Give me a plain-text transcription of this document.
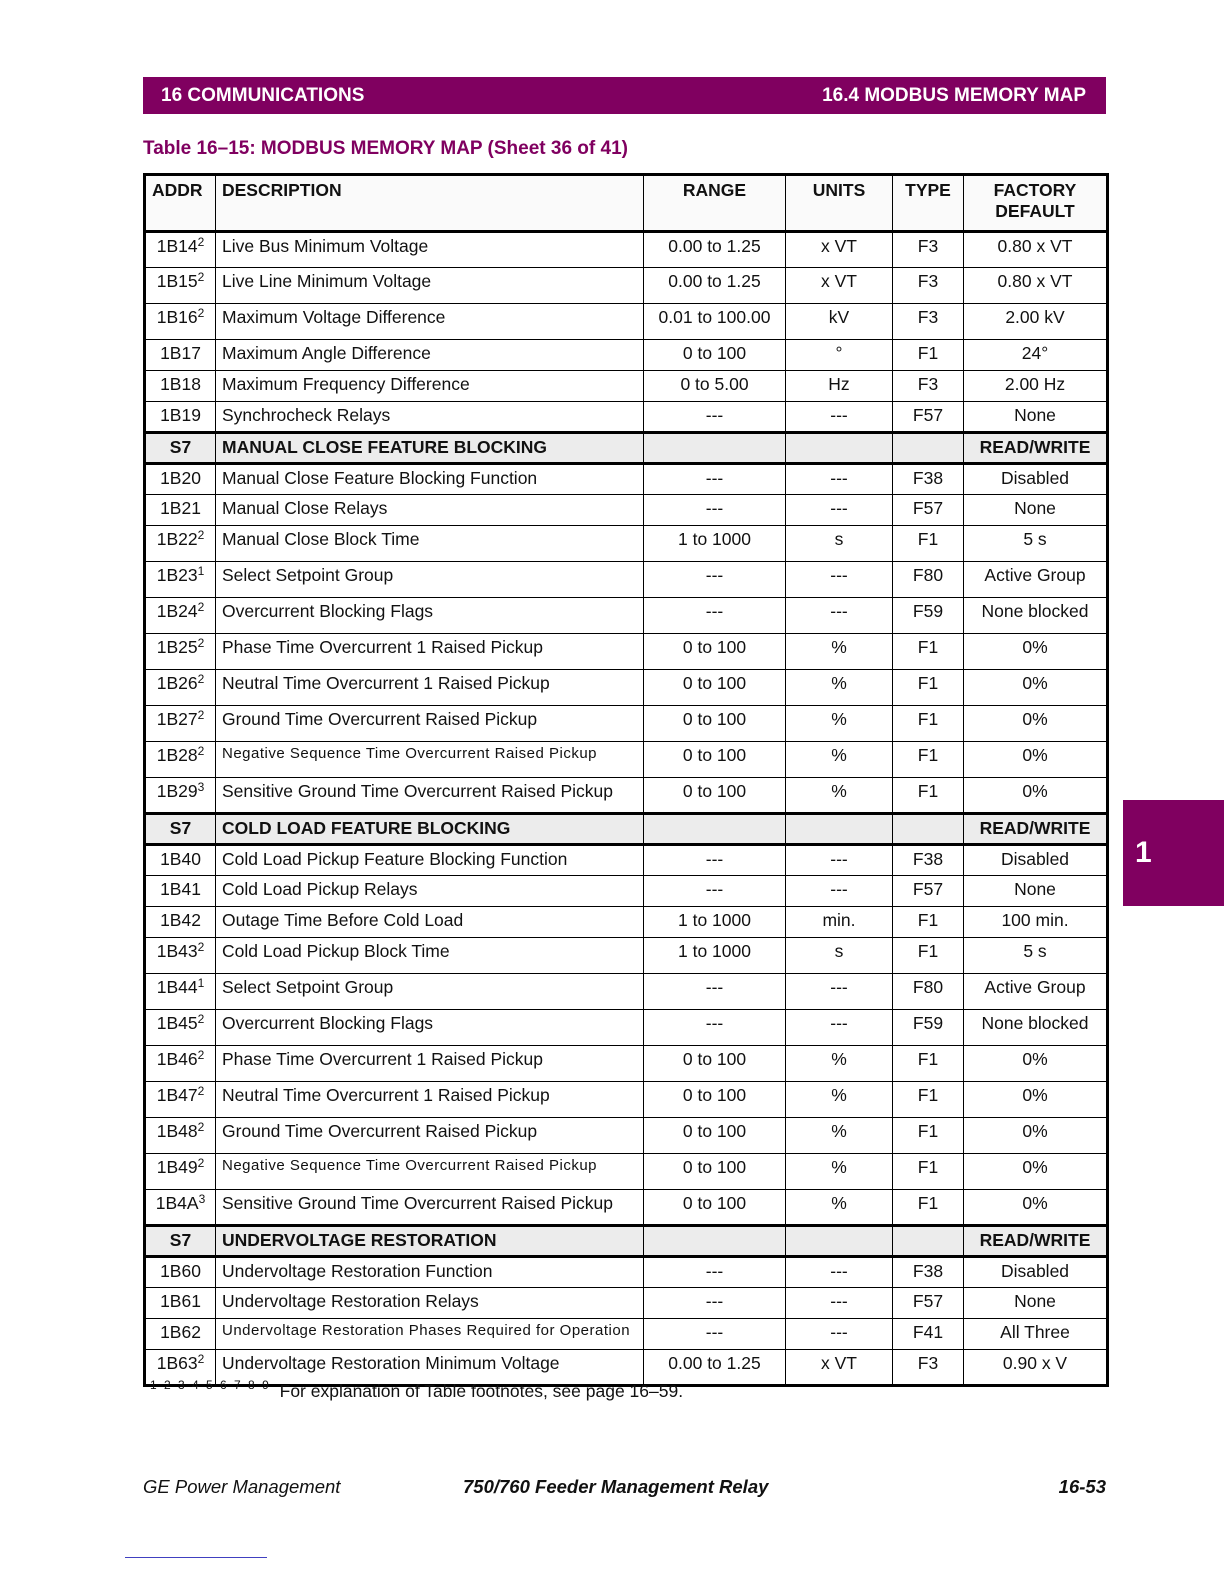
16 COMMUNICATIONS	16.4 MODBUS MEMORY MAP
Table 16–15: MODBUS MEMORY MAP (Sheet 36 of 41)
ADDR	DESCRIPTION	RANGE	UNITS	TYPE	FACTORY
DEFAULT
$1B14^2$	Live Bus Minimum Voltage	0.00 to 1.25	x VT	F3	0.80 x VT
$1B15^2$	Live Line Minimum Voltage	0.00 to 1.25	x VT	F3	0.80 x VT
$1B16^2$	Maximum Voltage Difference	0.01 to 100.00	kV	F3	2.00 kV
1B17	Maximum Angle Difference	0 to 100	°	F1	24°
1B18	Maximum Frequency Difference	0 to 5.00	Hz	F3	2.00 Hz
1B19	Synchrocheck Relays	---	---	F57	None
S7	MANUAL CLOSE FEATURE BLOCKING				READ/WRITE
1B20	Manual Close Feature Blocking Function	---	---	F38	Disabled
1B21	Manual Close Relays	---	---	F57	None
$1B22^2$	Manual Close Block Time	1 to 1000	s	F1	5 s
$1B23^1$	Select Setpoint Group	---	---	F80	Active Group
$1B24^2$	Overcurrent Blocking Flags	---	---	F59	None blocked
$1B25^2$	Phase Time Overcurrent 1 Raised Pickup	0 to 100	%	F1	0%
$1B26^2$	Neutral Time Overcurrent 1 Raised Pickup	0 to 100	%	F1	0%
$1B27^2$	Ground Time Overcurrent Raised Pickup	0 to 100	%	F1	0%
$1B28^2$	Negative Sequence Time Overcurrent Raised Pickup	0 to 100	%	F1	0%
$1B29^3$	Sensitive Ground Time Overcurrent Raised Pickup	0 to 100	%	F1	0%
S7	COLD LOAD FEATURE BLOCKING				READ/WRITE
1B40	Cold Load Pickup Feature Blocking Function	---	---	F38	Disabled
1B41	Cold Load Pickup Relays	---	---	F57	None
1B42	Outage Time Before Cold Load	1 to 1000	min.	F1	100 min.
$1B43^2$	Cold Load Pickup Block Time	1 to 1000	s	F1	5 s
$1B44^1$	Select Setpoint Group	---	---	F80	Active Group
$1B45^2$	Overcurrent Blocking Flags	---	---	F59	None blocked
$1B46^2$	Phase Time Overcurrent 1 Raised Pickup	0 to 100	%	F1	0%
$1B47^2$	Neutral Time Overcurrent 1 Raised Pickup	0 to 100	%	F1	0%
$1B48^2$	Ground Time Overcurrent Raised Pickup	0 to 100	%	F1	0%
$1B49^2$	Negative Sequence Time Overcurrent Raised Pickup	0 to 100	%	F1	0%
$1B4A^3$	Sensitive Ground Time Overcurrent Raised Pickup	0 to 100	%	F1	0%
S7	UNDERVOLTAGE RESTORATION				READ/WRITE
1B60	Undervoltage Restoration Function	---	---	F38	Disabled
1B61	Undervoltage Restoration Relays	---	---	F57	None
1B62	Undervoltage Restoration Phases Required for Operation	---	---	F41	All Three
$1B63^2$	Undervoltage Restoration Minimum Voltage	0.00 to 1.25	x VT	F3	0.90 x V
$^{1 2 3 4 5 6 7 8 9}$ For explanation of Table footnotes, see page 16–59.
1
GE Power Management	750/760 Feeder Management Relay	16-53
